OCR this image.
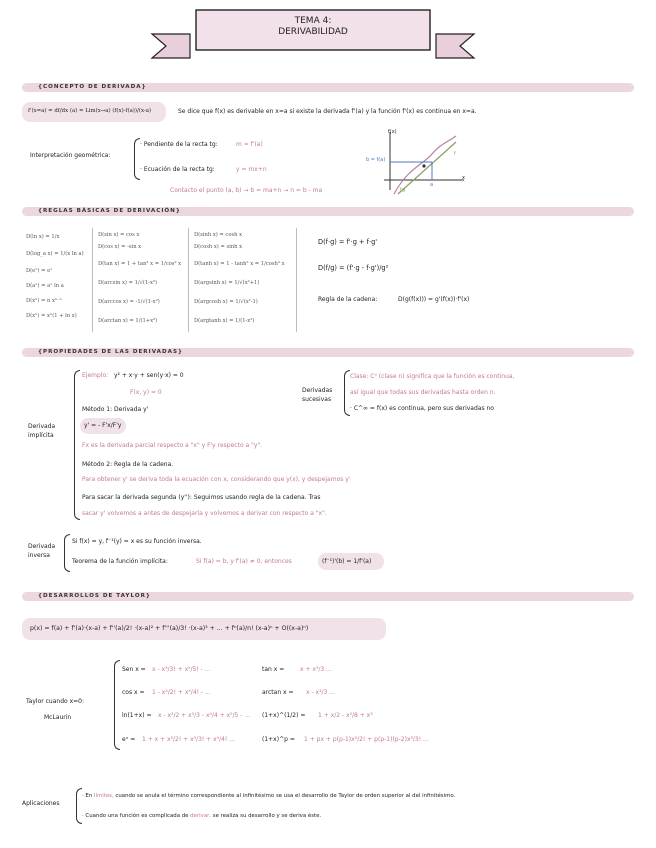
TEMA 4:
DERIVABILIDAD
{CONCEPTO DE DERIVADA}
f'(x=a) = df/dx (a) = Lim(x→a) (f(x)-f(a))/(x-a)	Se dice que f(x) es derivable en x=a si existe la derivada f'(a) y la función f'(x) es continua en x=a.
Interpretación geométrica:
· Pendiente de la recta tg:	m = f'(a)
· Ecuación de la recta tg:	y = mx+n
Contacto el punto (a, b) → b = ma+n → n = b - ma
f(x)
x
b = f(a)
f
a
tg
{REGLAS BÁSICAS DE DERIVACIÓN}
D(ln x) = 1/x
D(log_a x) = 1/(x ln a)
D(eˣ) = eˣ
D(aˣ) = aˣ ln a
D(xⁿ) = n xⁿ⁻¹
D(xⁿ) = xⁿ(1 + ln x)
D(sin x) = cos x
D(cos x) = -sin x
D(tan x) = 1 + tan² x = 1/cos² x
D(arcsin x) = 1/√(1-x²)
D(arccos x) = -1/√(1-x²)
D(arctan x) = 1/(1+x²)
D(sinh x) = cosh x
D(cosh x) = sinh x
D(tanh x) = 1 - tanh² x = 1/cosh² x
D(argsinh x) = 1/√(x²+1)
D(argcosh x) = 1/√(x²-1)
D(argtanh x) = 1/(1-x²)
D(f·g) = f'·g + f·g'
D(f/g) = (f'·g - f·g')/g²
Regla de la cadena:	D(g(f(x))) = g'(f(x))·f'(x)
{PROPIEDADES DE LAS DERIVADAS}
Derivada implícita
Ejemplo: y² + x·y + sen(y·x) = 0
F(x, y) = 0
Método 1: Derivada y'
y' = - F'x/F'y
Fx es la derivada parcial respecto a "x" y F'y respecto a "y".
Método 2: Regla de la cadena.
Para obtener y' se deriva toda la ecuación con x, considerando que y(x), y despejamos y'
Para sacar la derivada segunda (y''): Seguimos usando regla de la cadena. Tras
sacar y' volvemos a antes de despejarla y volvemos a derivar con respecto a "x".
Derivadas sucesivas
Clase: Cⁿ (clase n) significa que la función es continua,
así igual que todas sus derivadas hasta orden n.
· C^∞ = f(x) es continua, pero sus derivadas no
Derivada inversa
Si f(x) = y, f⁻¹(y) = x es su función inversa.
Teorema de la función implícita:	Si f(a) = b, y f'(a) ≠ 0, entonces	(f⁻¹)'(b) = 1/f'(a)
{DESARROLLOS DE TAYLOR}
p(x) = f(a) + f'(a)·(x-a) + f''(a)/2! ·(x-a)² + f'''(a)/3! ·(x-a)³ + ... + fⁿ(a)/n! (x-a)ⁿ + O((x-a)ⁿ)
Taylor cuando x=0:
McLaurin
Sen x = x - x³/3! + x⁵/5! - ...
cos x = 1 - x²/2! + x⁴/4! - ...
ln(1+x) = x - x²/2 + x³/3 - x⁴/4 + x⁵/5 - ...
eˣ = 1 + x + x²/2! + x³/3! + x⁴/4! ...
tan x =	x + x³/3 ...
arctan x = x - x³/3 ...
(1+x)^(1/2) = 1 + x/2 - x²/8 + x³
(1+x)^p = 1 + px + p(p-1)x²/2! + p(p-1)(p-2)x³/3! ...
Aplicaciones
· En límites, cuando se anula el término correspondiente al infinitésimo se usa el desarrollo de Taylor de orden superior al del infinitésimo.
· Cuando una función es complicada de derivar, se realiza su desarrollo y se deriva éste.
